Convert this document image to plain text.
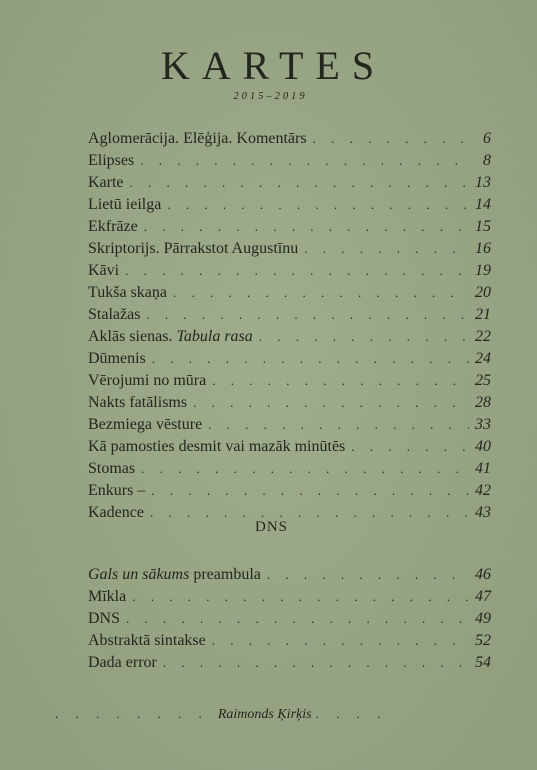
KARTES
2015–2019
Aglomerācija. Elēģija. Komentārs . . .	6
Elipses . . .	8
Karte . . .	13
Lietū ieilga . . .	14
Ekfrāze . . .	15
Skriptorijs. Pārrakstot Augustīnu . . .	16
Kāvi . . .	19
Tukša skaņa . . .	20
Stalažas . . .	21
Aklās sienas. Tabula rasa . . .	22
Dūmenis . . .	24
Vērojumi no mūra . . .	25
Nakts fatālisms . . .	28
Bezmiega vēsture . . .	33
Kā pamosties desmit vai mazāk minūtēs . . .	40
Stomas . . .	41
Enkurs – . . .	42
Kadence . . .	43
DNS
Gals un sākums preambula . . .	46
Mīkla . . .	47
DNS . . .	49
Abstraktā sintakse . . .	52
Dada error . . .	54
. . .
Raimonds Ķirķis
. . .
